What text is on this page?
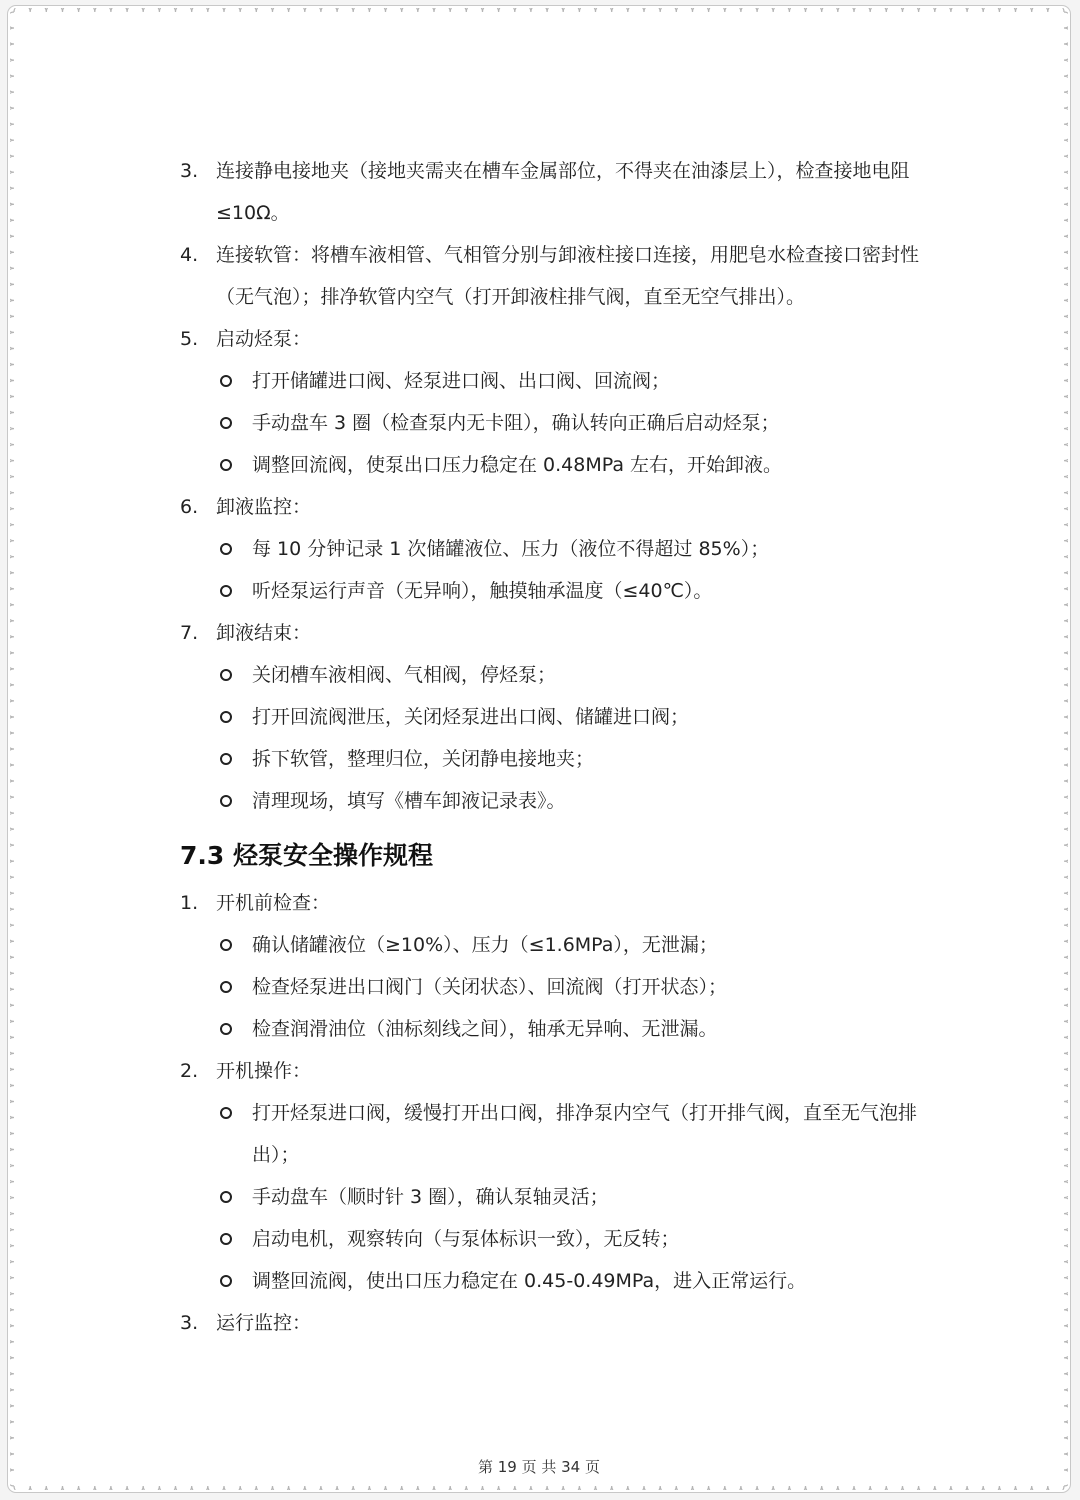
3. 连接静电接地夹（接地夹需夹在槽车金属部位，不得夹在油漆层上），检查接地电阻≤10Ω。
4. 连接软管：将槽车液相管、气相管分别与卸液柱接口连接，用肥皂水检查接口密封性（无气泡）；排净软管内空气（打开卸液柱排气阀，直至无空气排出）。
5. 启动烃泵：
打开储罐进口阀、烃泵进口阀、出口阀、回流阀；
手动盘车 3 圈（检查泵内无卡阻），确认转向正确后启动烃泵；
调整回流阀，使泵出口压力稳定在 0.48MPa 左右，开始卸液。
6. 卸液监控：
每 10 分钟记录 1 次储罐液位、压力（液位不得超过 85%）；
听烃泵运行声音（无异响），触摸轴承温度（≤40℃）。
7. 卸液结束：
关闭槽车液相阀、气相阀，停烃泵；
打开回流阀泄压，关闭烃泵进出口阀、储罐进口阀；
拆下软管，整理归位，关闭静电接地夹；
清理现场，填写《槽车卸液记录表》。
7.3 烃泵安全操作规程
1. 开机前检查：
确认储罐液位（≥10%）、压力（≤1.6MPa），无泄漏；
检查烃泵进出口阀门（关闭状态）、回流阀（打开状态）；
检查润滑油位（油标刻线之间），轴承无异响、无泄漏。
2. 开机操作：
打开烃泵进口阀，缓慢打开出口阀，排净泵内空气（打开排气阀，直至无气泡排出）；
手动盘车（顺时针 3 圈），确认泵轴灵活；
启动电机，观察转向（与泵体标识一致），无反转；
调整回流阀，使出口压力稳定在 0.45-0.49MPa，进入正常运行。
3. 运行监控：
第 19 页 共 34 页
